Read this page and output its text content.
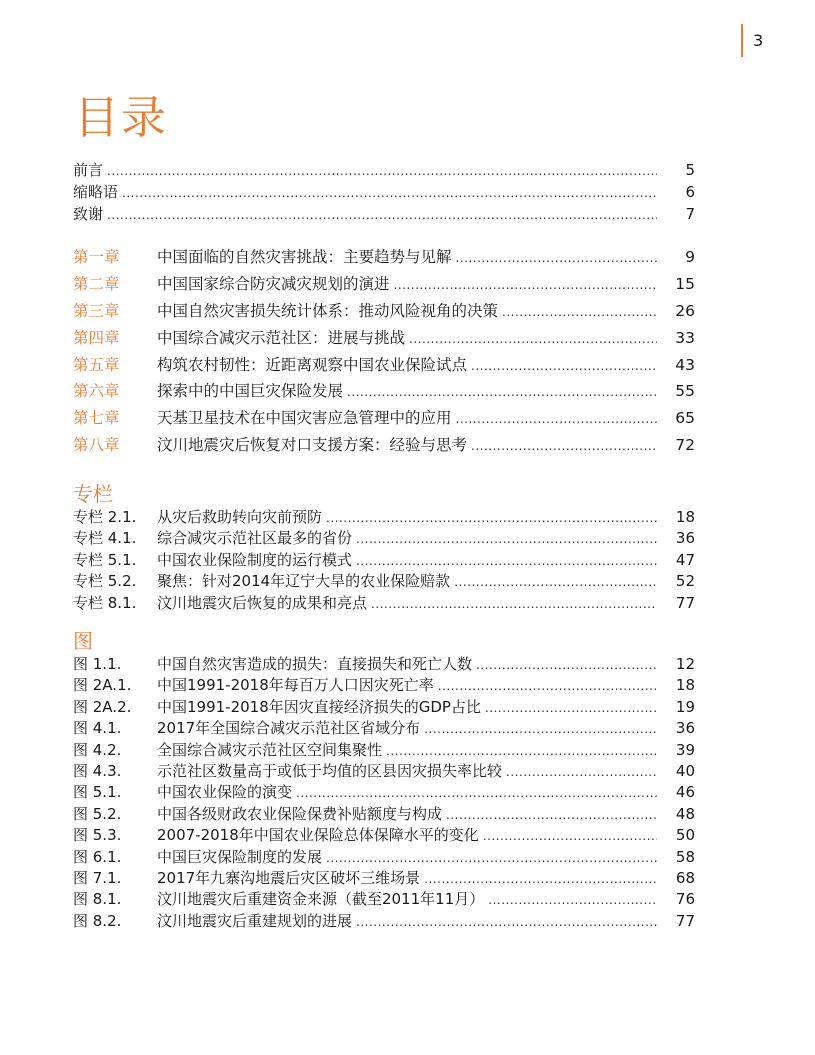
3
目录
前言 .....	5
缩略语 .....	6
致谢 .....	7
第一章	中国面临的自然灾害挑战：主要趋势与见解 .....	9
第二章	中国国家综合防灾减灾规划的演进 .....	15
第三章	中国自然灾害损失统计体系：推动风险视角的决策 .....	26
第四章	中国综合减灾示范社区：进展与挑战 .....	33
第五章	构筑农村韧性：近距离观察中国农业保险试点 .....	43
第六章	探索中的中国巨灾保险发展 .....	55
第七章	天基卫星技术在中国灾害应急管理中的应用 .....	65
第八章	汶川地震灾后恢复对口支援方案：经验与思考 .....	72
专栏
专栏 2.1.	从灾后救助转向灾前预防 .....	18
专栏 4.1.	综合减灾示范社区最多的省份 .....	36
专栏 5.1.	中国农业保险制度的运行模式 .....	47
专栏 5.2.	聚焦：针对2014年辽宁大旱的农业保险赔款 .....	52
专栏 8.1.	汶川地震灾后恢复的成果和亮点 .....	77
图
图 1.1.	中国自然灾害造成的损失：直接损失和死亡人数 .....	12
图 2A.1.	中国1991-2018年每百万人口因灾死亡率 .....	18
图 2A.2.	中国1991-2018年因灾直接经济损失的GDP占比 .....	19
图 4.1.	2017年全国综合减灾示范社区省域分布 .....	36
图 4.2.	全国综合减灾示范社区空间集聚性 .....	39
图 4.3.	示范社区数量高于或低于均值的区县因灾损失率比较 .....	40
图 5.1.	中国农业保险的演变 .....	46
图 5.2.	中国各级财政农业保险保费补贴额度与构成 .....	48
图 5.3.	2007-2018年中国农业保险总体保障水平的变化 .....	50
图 6.1.	中国巨灾保险制度的发展 .....	58
图 7.1.	2017年九寨沟地震后灾区破坏三维场景 .....	68
图 8.1.	汶川地震灾后重建资金来源（截至2011年11月） .....	76
图 8.2.	汶川地震灾后重建规划的进展 .....	77
